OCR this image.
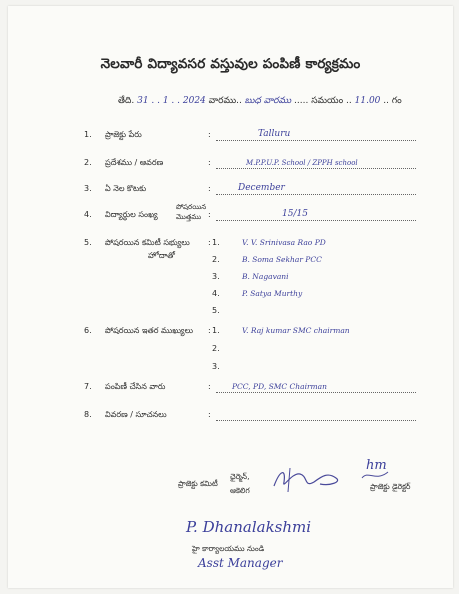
నెలవారీ విద్యావసర వస్తువుల పంపిణీ కార్యక్రమం
తేది. 31 . . 1 . . 2024 వారము.. బుధ వారము ..... సమయం .. 11.00 .. గం
1. ప్రాజెక్టు పేరు	:	Talluru
2. ప్రదేశము / ఆవరణ	:	M.P.P.U.P. School / ZPPH school
3. ఏ నెల కొటకు	:	December
4. విద్యార్థుల సంఖ్య
పోషరయిన
మొత్తము :	15/15
5. పోషరయిన కమిటీ సభ్యులు
హోదాతో
: 1.	V. V. Srinivasa Rao PD
2.	B. Soma Sekhar PCC
3.	B. Nagavani
4.	P. Satya Murthy
5.
6. పోషరయిన ఇతర ముఖ్యులు : 1.	V. Raj kumar SMC chairman
2.
3.
7. పంపిణీ చేసిన వారు	:	PCC, PD, SMC Chairman
8. వివరణ / సూచనలు	:
ప్రాజెక్టు కమిటీ
ఛైర్మెన్,
ఆకెలిగ
hm
ప్రాజెక్టు డైరెక్టర్
P. Dhanalakshmi
హై కార్యాలయము నుండి
Asst Manager
